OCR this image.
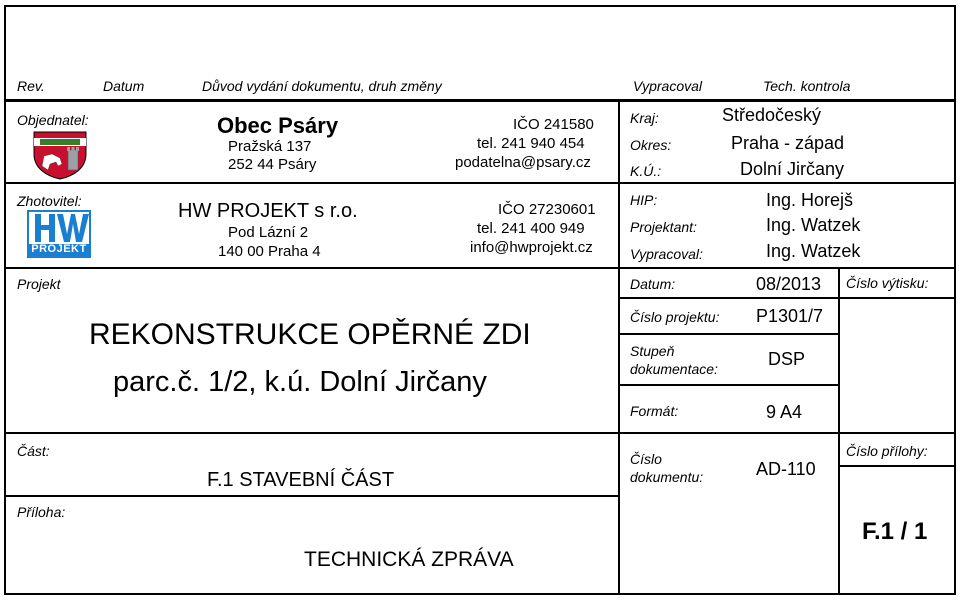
Rev.	Datum	Důvod vydání dokumentu, druh změny	Vypracoval	Tech. kontrola
Objednatel:	Obec Psáry
Pražská 137
252 44 Psáry
IČO 241580
tel. 241 940 454
podatelna@psary.cz
Zhotovitel:
PROJEKT
HW PROJEKT s r.o.
Pod Lázní 2
140 00 Praha 4
IČO 27230601
tel. 241 400 949
info@hwprojekt.cz
Kraj:	Středočeský
Okres:	Praha - západ
K.Ú.:	Dolní Jirčany
HIP:	Ing. Horejš
Projektant:	Ing. Watzek
Vypracoval:	Ing. Watzek
Projekt
REKONSTRUKCE OPĚRNÉ ZDI
parc.č. 1/2, k.ú. Dolní Jirčany
Datum:	08/2013 Číslo výtisku:
Číslo projektu: P1301/7
Stupeň
dokumentace:	DSP
Formát:	9 A4
Číslo
dokumentu:	AD-110
Číslo přílohy:
F.1 / 1
Část:
F.1 STAVEBNÍ ČÁST
Příloha:
TECHNICKÁ ZPRÁVA
